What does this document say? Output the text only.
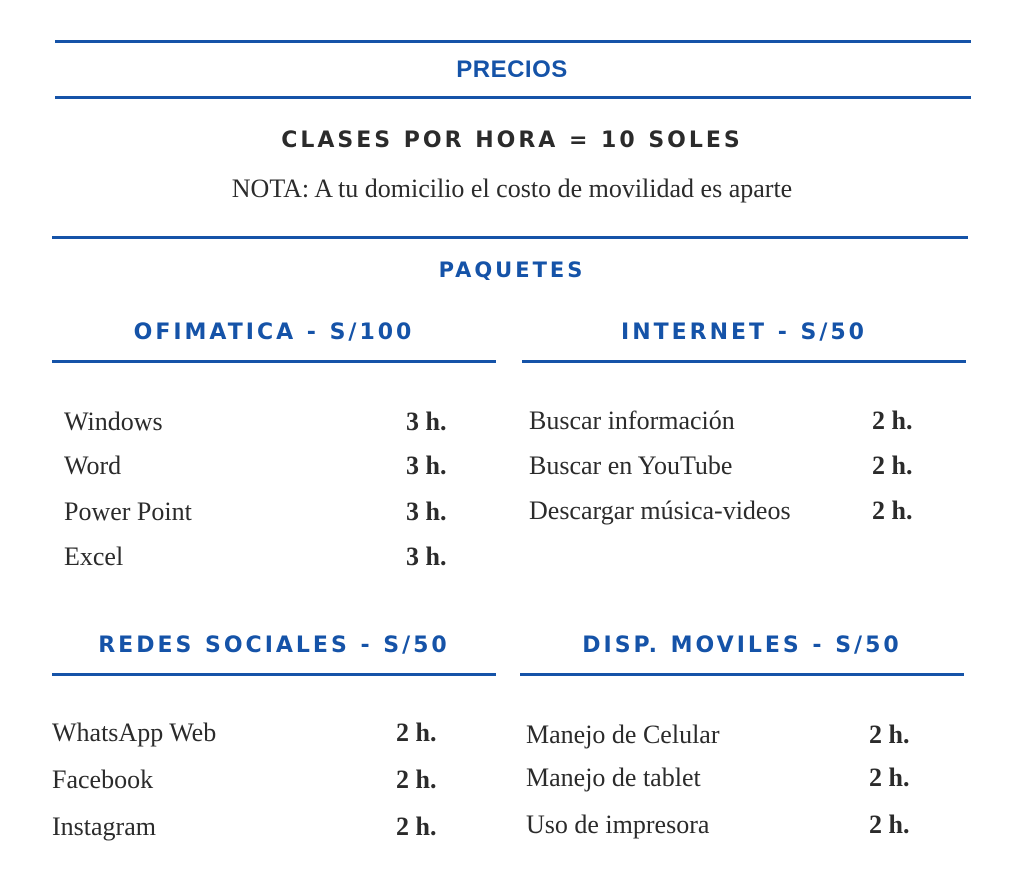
PRECIOS
CLASES POR HORA = 10 SOLES
NOTA: A tu domicilio el costo de movilidad es aparte
PAQUETES
OFIMATICA - S/100
Windows	3 h.
Word	3 h.
Power Point	3 h.
Excel	3 h.
INTERNET - S/50
Buscar información	2 h.
Buscar en YouTube	2 h.
Descargar música-videos	2 h.
REDES SOCIALES - S/50
WhatsApp Web	2 h.
Facebook	2 h.
Instagram	2 h.
DISP. MOVILES - S/50
Manejo de Celular	2 h.
Manejo de tablet	2 h.
Uso de impresora	2 h.
